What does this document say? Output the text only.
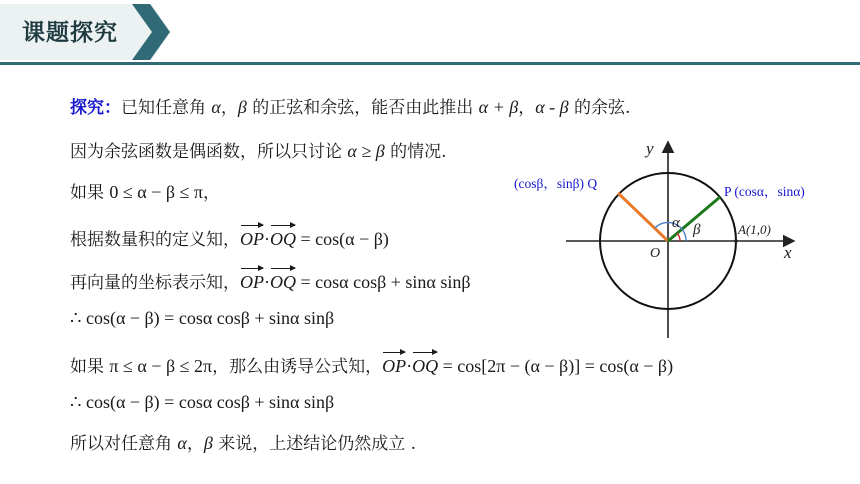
课题探究
探究：已知任意角 α，β 的正弦和余弦，能否由此推出 α + β，α - β 的余弦.
因为余弦函数是偶函数，所以只讨论 α ≥ β 的情况.
如果 0 ≤ α − β ≤ π，
根据数量积的定义知，OP·OQ = cos(α − β)
再向量的坐标表示知，OP·OQ = cosα cosβ + sinα sinβ
∴ cos(α − β) = cosα cosβ + sinα sinβ
如果 π ≤ α − β ≤ 2π，那么由诱导公式知，OP·OQ = cos[2π − (α − β)] = cos(α − β)
∴ cos(α − β) = cosα cosβ + sinα sinβ
所以对任意角 α，β 来说，上述结论仍然成立 .
y
x
O
(cosβ，sinβ) Q
P (cosα，sinα)
A(1,0)
α β
